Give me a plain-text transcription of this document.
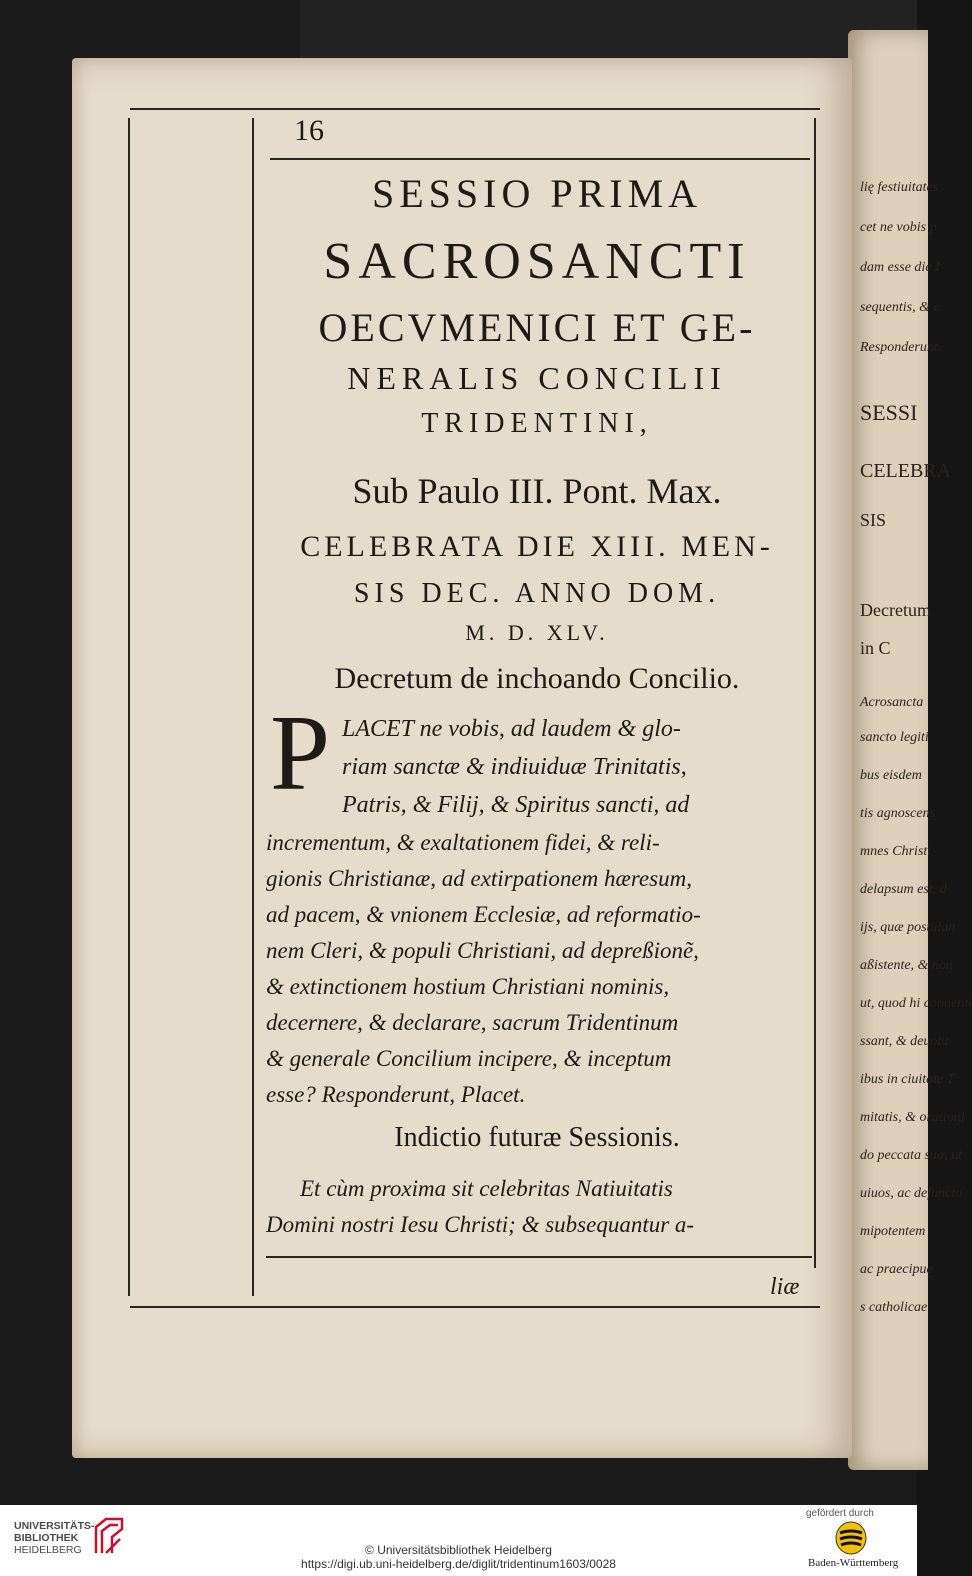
lię festiuitates
cet ne vobis p
dam esse die I
sequentis, & c
Responderunt.
SESSI
CELEBRA
SIS
Decretum
in C
Acrosancta
sancto legiti
bus eisdem
tis agnoscens
mnes Christi
delapsum est, d
ijs, quæ postulan
aßistente, & non
ut, quod hi conuenti
ssant, & deuotu
ibus in ciuitate T
mitatis, & orationi
do peccata sua, ut
uiuos, ac defuncto
mipotentem
ac praecipue
s catholicae
16
SESSIO PRIMA
SACROSANCTI
OECVMENICI ET GE-
NERALIS CONCILII
TRIDENTINI,
Sub Paulo III. Pont. Max.
CELEBRATA DIE XIII. MEN-
SIS DEC. ANNO DOM.
M. D. XLV.
Decretum de inchoando Concilio.
P LACET ne vobis, ad laudem & glo-
riam sanctæ & indiuiduæ Trinitatis,
Patris, & Filij, & Spiritus sancti, ad
incrementum, & exaltationem fidei, & reli-
gionis Christianæ, ad extirpationem hæresum,
ad pacem, & vnionem Ecclesiæ, ad reformatio-
nem Cleri, & populi Christiani, ad depreßionẽ,
& extinctionem hostium Christiani nominis,
decernere, & declarare, sacrum Tridentinum
& generale Concilium incipere, & inceptum
esse? Responderunt, Placet.
Indictio futuræ Sessionis.
Et cùm proxima sit celebritas Natiuitatis
Domini nostri Iesu Christi; & subsequantur a-
liæ
UNIVERSITÄTS-
BIBLIOTHEK
HEIDELBERG	© Universitätsbibliothek Heidelberg
https://digi.ub.uni-heidelberg.de/diglit/tridentinum1603/0028
gefördert durch
Baden-Württemberg
